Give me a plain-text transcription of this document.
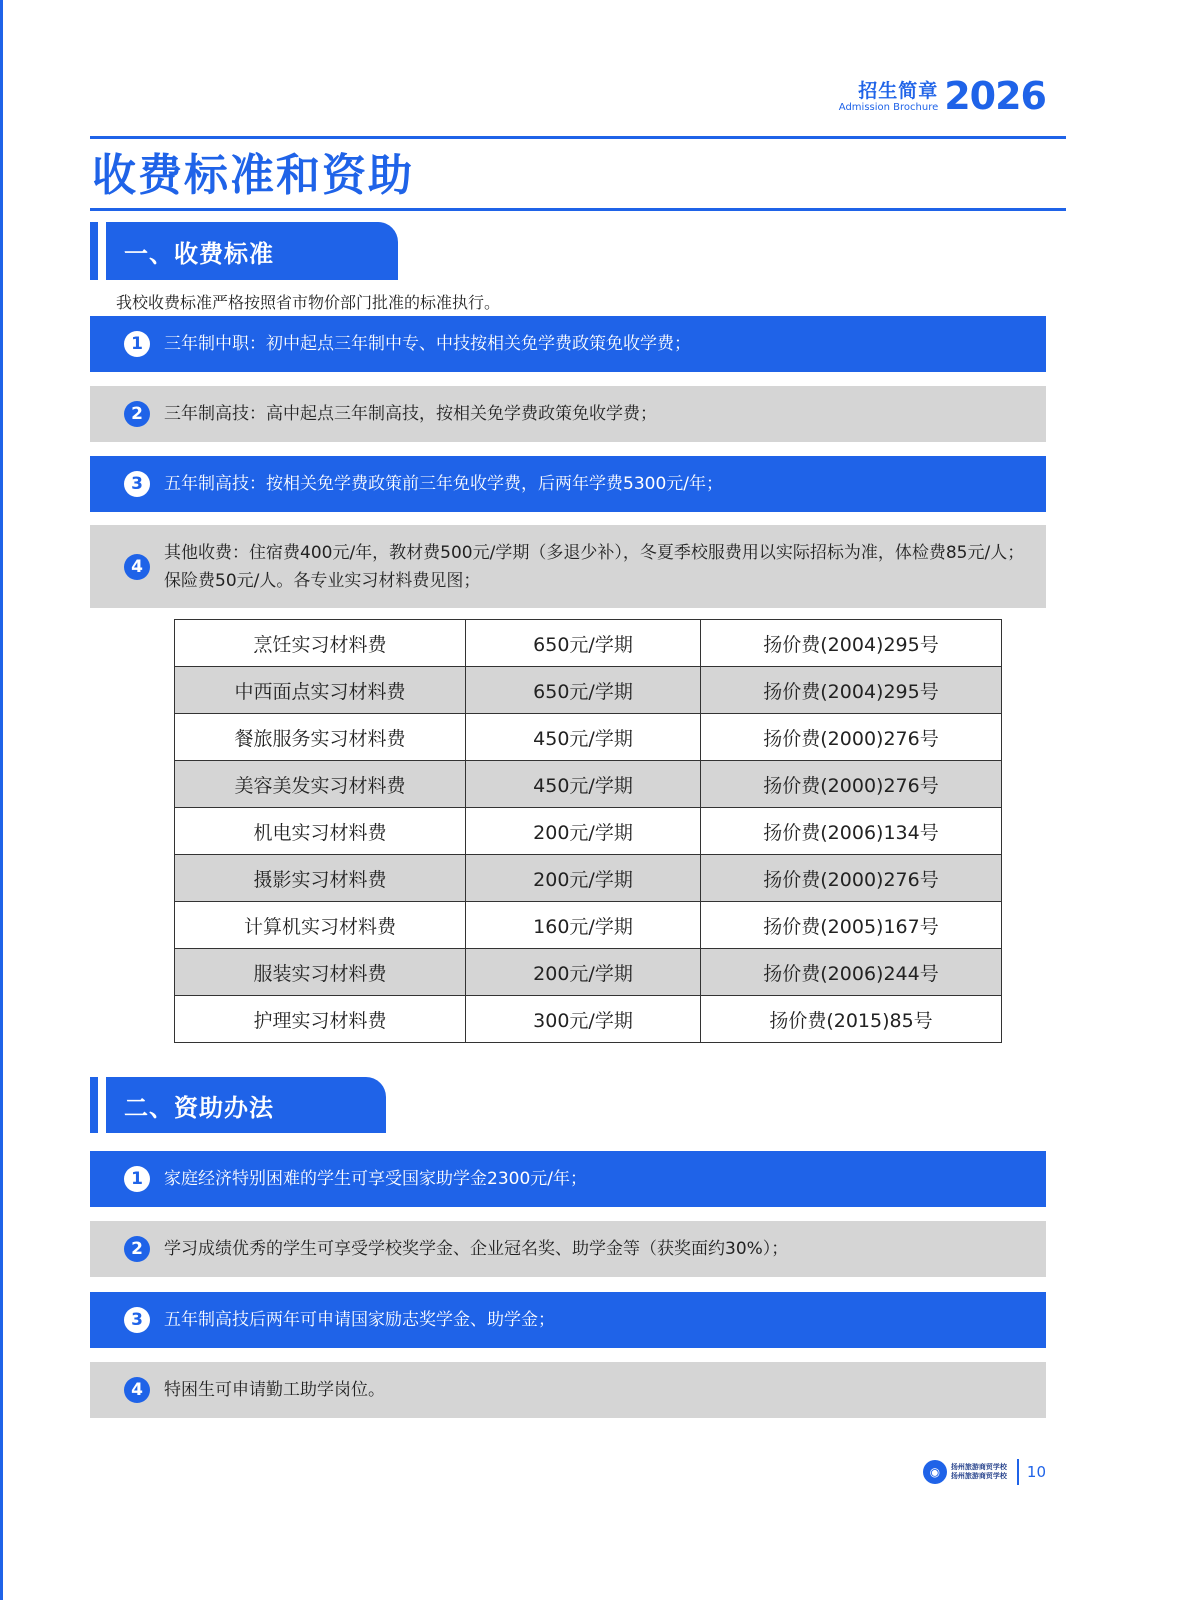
招生简章
Admission Brochure 2026
收费标准和资助
一、收费标准
我校收费标准严格按照省市物价部门批准的标准执行。
1	三年制中职：初中起点三年制中专、中技按相关免学费政策免收学费；
2	三年制高技：高中起点三年制高技，按相关免学费政策免收学费；
3	五年制高技：按相关免学费政策前三年免收学费，后两年学费5300元/年；
4
其他收费：住宿费400元/年，教材费500元/学期（多退少补），冬夏季校服费用以实际招标为准，体检费85元/人；保险费50元/人。各专业实习材料费见图；
烹饪实习材料费	650元/学期	扬价费(2004)295号
中西面点实习材料费	650元/学期	扬价费(2004)295号
餐旅服务实习材料费	450元/学期	扬价费(2000)276号
美容美发实习材料费	450元/学期	扬价费(2000)276号
机电实习材料费	200元/学期	扬价费(2006)134号
摄影实习材料费	200元/学期	扬价费(2000)276号
计算机实习材料费	160元/学期	扬价费(2005)167号
服装实习材料费	200元/学期	扬价费(2006)244号
护理实习材料费	300元/学期	扬价费(2015)85号
二、资助办法
1	家庭经济特别困难的学生可享受国家助学金2300元/年；
2	学习成绩优秀的学生可享受学校奖学金、企业冠名奖、助学金等（获奖面约30%）；
3	五年制高技后两年可申请国家励志奖学金、助学金；
4	特困生可申请勤工助学岗位。
◉	扬州旅游商贸学校
扬州旅游商贸学校 10
